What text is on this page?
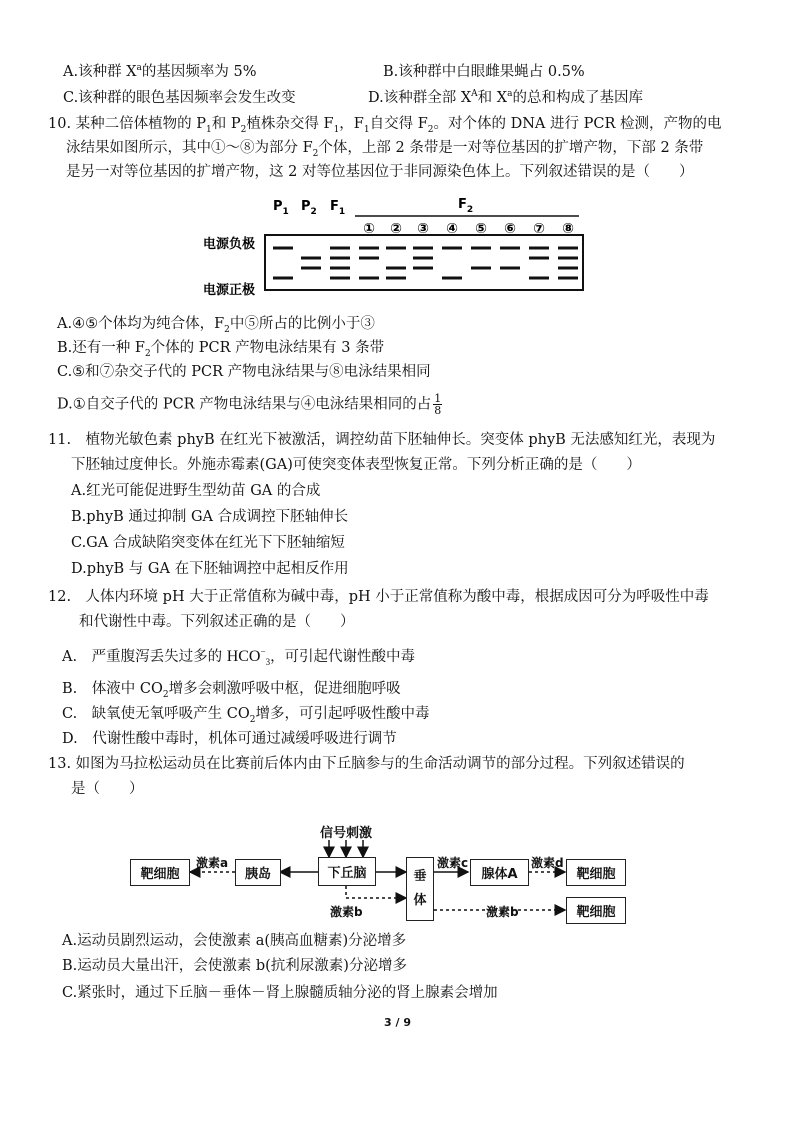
A.该种群 $X^a$的基因频率为 5%	B.该种群中白眼雌果蝇占 0.5%
C.该种群的眼色基因频率会发生改变	D.该种群全部 $X^A$和 $X^a$的总和构成了基因库
10. 某种二倍体植物的 $P_1$和 $P_2$植株杂交得 $F_1$，$F_1$自交得 $F_2$。对个体的 DNA 进行 PCR 检测，产物的电
泳结果如图所示，其中①～⑧为部分 $F_2$个体，上部 2 条带是一对等位基因的扩增产物，下部 2 条带
是另一对等位基因的扩增产物，这 2 对等位基因位于非同源染色体上。下列叙述错误的是（　　）
$P_1$ $P_2$ $F_1$	$F_2$
① ② ③ ④ ⑤ ⑥ ⑦ ⑧
电源负极
电源正极
A.④⑤个体均为纯合体，$F_2$中⑤所占的比例小于③
B.还有一种 $F_2$个体的 PCR 产物电泳结果有 3 条带
C.⑤和⑦杂交子代的 PCR 产物电泳结果与⑧电泳结果相同
D.①自交子代的 PCR 产物电泳结果与④电泳结果相同的占 $\frac{1}{8}$
11.　植物光敏色素 phyB 在红光下被激活，调控幼苗下胚轴伸长。突变体 phyB 无法感知红光，表现为
下胚轴过度伸长。外施赤霉素(GA)可使突变体表型恢复正常。下列分析正确的是（　　）
A.红光可能促进野生型幼苗 GA 的合成
B.phyB 通过抑制 GA 合成调控下胚轴伸长
C.GA 合成缺陷突变体在红光下下胚轴缩短
D.phyB 与 GA 在下胚轴调控中起相反作用
12.　人体内环境 pH 大于正常值称为碱中毒，pH 小于正常值称为酸中毒，根据成因可分为呼吸性中毒
和代谢性中毒。下列叙述正确的是（　　）
A.　严重腹泻丢失过多的 $HCO^-_3$，可引起代谢性酸中毒
B.　体液中 $CO_2$增多会刺激呼吸中枢，促进细胞呼吸
C.　缺氧使无氧呼吸产生 $CO_2$增多，可引起呼吸性酸中毒
D.　代谢性酸中毒时，机体可通过减缓呼吸进行调节
13. 如图为马拉松运动员在比赛前后体内由下丘脑参与的生命活动调节的部分过程。下列叙述错误的
是（　　）
信号刺激
靶细胞
激素a
胰岛	下丘脑
激素b
垂
体
激素c
腺体A
激素d
靶细胞
激素b	靶细胞
A.运动员剧烈运动，会使激素 a(胰高血糖素)分泌增多
B.运动员大量出汗，会使激素 b(抗利尿激素)分泌增多
C.紧张时，通过下丘脑－垂体－肾上腺髓质轴分泌的肾上腺素会增加
3 / 9
